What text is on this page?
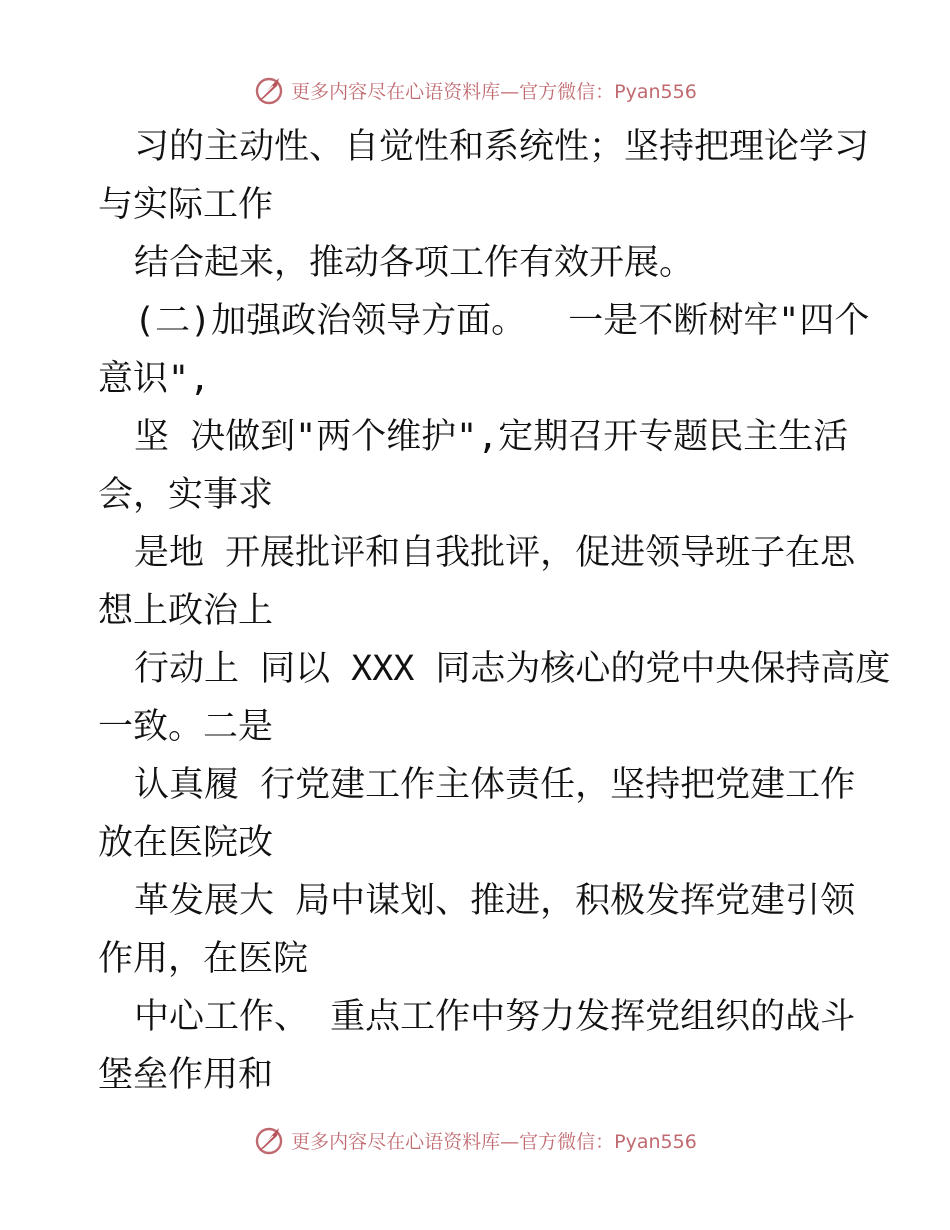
更多内容尽在心语资料库—官方微信：Pyan556

习的主动性、自觉性和系统性；坚持把理论学习

与实际工作

结合起来，推动各项工作有效开展。

(二)加强政治领导方面。  一是不断树牢"四个

意识",

坚 决做到"两个维护",定期召开专题民主生活

会，实事求

是地 开展批评和自我批评，促进领导班子在思

想上政治上

行动上 同以 XXX 同志为核心的党中央保持高度

一致。二是

认真履 行党建工作主体责任，坚持把党建工作

放在医院改

革发展大 局中谋划、推进，积极发挥党建引领

作用，在医院

中心工作、 重点工作中努力发挥党组织的战斗

堡垒作用和

更多内容尽在心语资料库—官方微信：Pyan556
